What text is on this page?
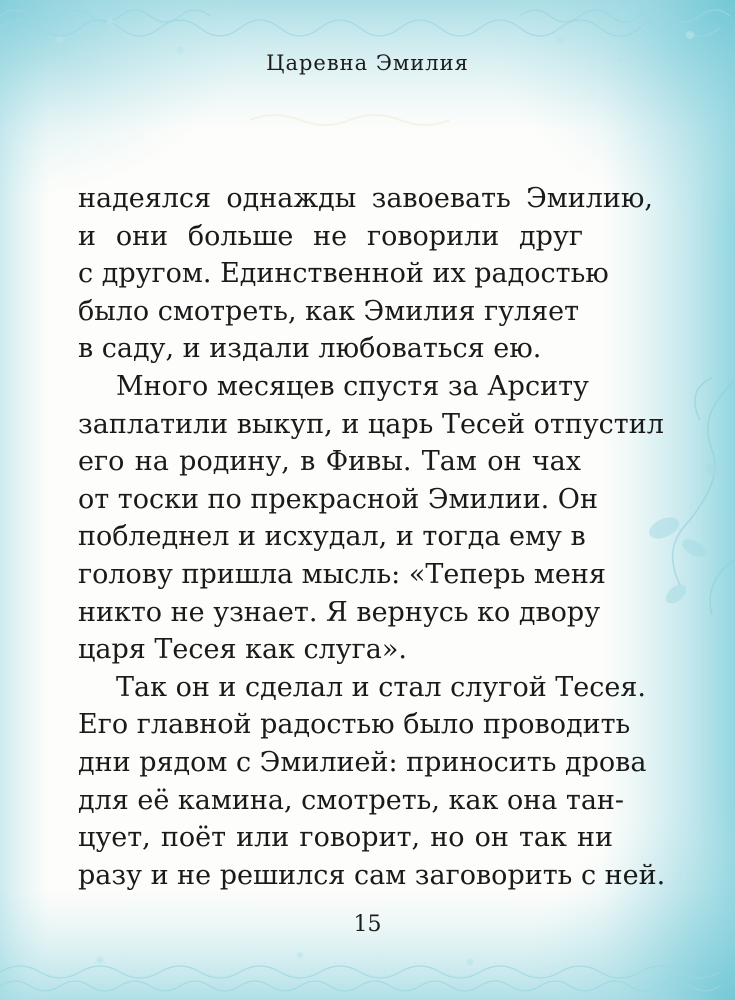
Царевна Эмилия
надеялся однажды завоевать Эмилию,
и они больше не говорили друг
с другом. Единственной их радостью
было смотреть, как Эмилия гуляет
в саду, и издали любоваться ею.
Много месяцев спустя за Арситу
заплатили выкуп, и царь Тесей отпустил
его на родину, в Фивы. Там он чах
от тоски по прекрасной Эмилии. Он
побледнел и исхудал, и тогда ему в
голову пришла мысль: «Теперь меня
никто не узнает. Я вернусь ко двору
царя Тесея как слуга».
Так он и сделал и стал слугой Тесея.
Его главной радостью было проводить
дни рядом с Эмилией: приносить дрова
для её камина, смотреть, как она тан-
цует, поёт или говорит, но он так ни
разу и не решился сам заговорить с ней.
15
